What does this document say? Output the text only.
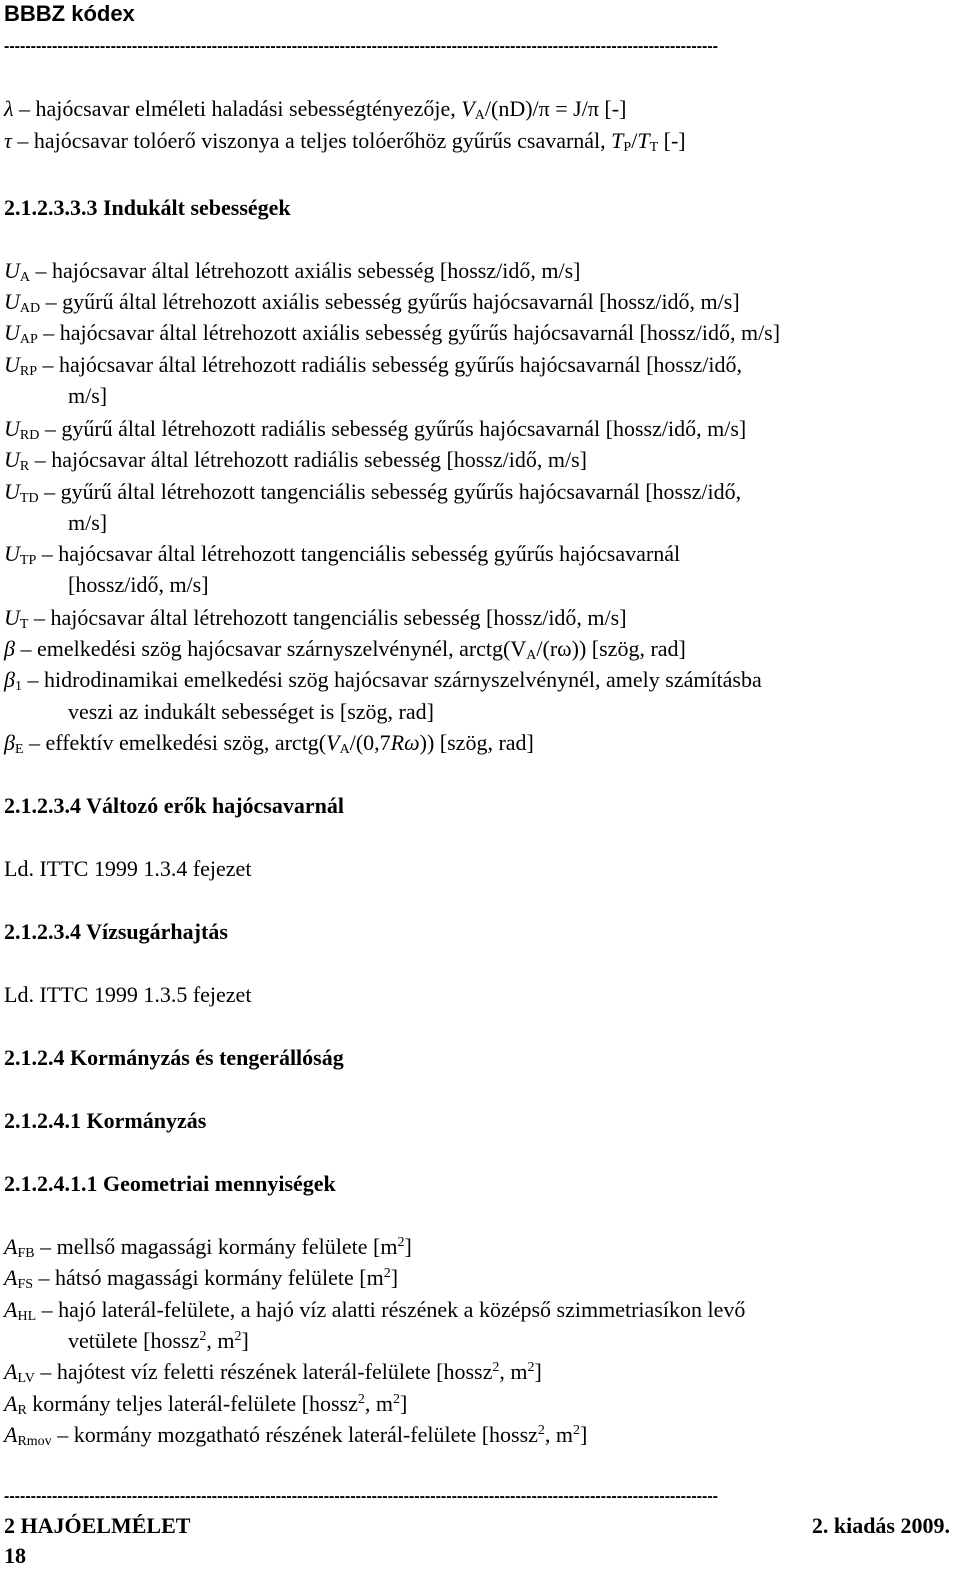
BBBZ kódex
--------------------------------------------------------------------------------------------------------------------------------------
λ – hajócsavar elméleti haladási sebességtényezője, $V_A/(nD)/\pi = J/\pi$ [-]
τ – hajócsavar tolóerő viszonya a teljes tolóerőhöz gyűrűs csavarnál, $T_P/T_T$ [-]
2.1.2.3.3.3 Indukált sebességek
$U_A$ – hajócsavar által létrehozott axiális sebesség [hossz/idő, m/s]
$U_{AD}$ – gyűrű által létrehozott axiális sebesség gyűrűs hajócsavarnál [hossz/idő, m/s]
$U_{AP}$ – hajócsavar által létrehozott axiális sebesség gyűrűs hajócsavarnál [hossz/idő, m/s]
$U_{RP}$ – hajócsavar által létrehozott radiális sebesség gyűrűs hajócsavarnál [hossz/idő,
m/s]
$U_{RD}$ – gyűrű által létrehozott radiális sebesség gyűrűs hajócsavarnál [hossz/idő, m/s]
$U_R$ – hajócsavar által létrehozott radiális sebesség [hossz/idő, m/s]
$U_{TD}$ – gyűrű által létrehozott tangenciális sebesség gyűrűs hajócsavarnál [hossz/idő,
m/s]
$U_{TP}$ – hajócsavar által létrehozott tangenciális sebesség gyűrűs hajócsavarnál
[hossz/idő, m/s]
$U_T$ – hajócsavar által létrehozott tangenciális sebesség [hossz/idő, m/s]
β – emelkedési szög hajócsavar szárnyszelvénynél, $arctg(V_A/(r\omega))$ [szög, rad]
$\beta_1$ – hidrodinamikai emelkedési szög hajócsavar szárnyszelvénynél, amely számításba
veszi az indukált sebességet is [szög, rad]
$\beta_E$ – effektív emelkedési szög, $arctg(V_A/(0,7R\omega))$ [szög, rad]
2.1.2.3.4 Változó erők hajócsavarnál
Ld. ITTC 1999 1.3.4 fejezet
2.1.2.3.4 Vízsugárhajtás
Ld. ITTC 1999 1.3.5 fejezet
2.1.2.4 Kormányzás és tengerállóság
2.1.2.4.1 Kormányzás
2.1.2.4.1.1 Geometriai mennyiségek
$A_{FB}$ – mellső magassági kormány felülete $[m^2]$
$A_{FS}$ – hátsó magassági kormány felülete $[m^2]$
$A_{HL}$ – hajó laterál-felülete, a hajó víz alatti részének a középső szimmetriasíkon levő
vetülete [hossz$^2$, $m^2$]
$A_{LV}$ – hajótest víz feletti részének laterál-felülete [hossz$^2$, $m^2$]
$A_R$ kormány teljes laterál-felülete [hossz$^2$, $m^2$]
$A_{Rmov}$ – kormány mozgatható részének laterál-felülete [hossz$^2$, $m^2$]
--------------------------------------------------------------------------------------------------------------------------------------
2 HAJÓELMÉLET	2. kiadás 2009.
18
